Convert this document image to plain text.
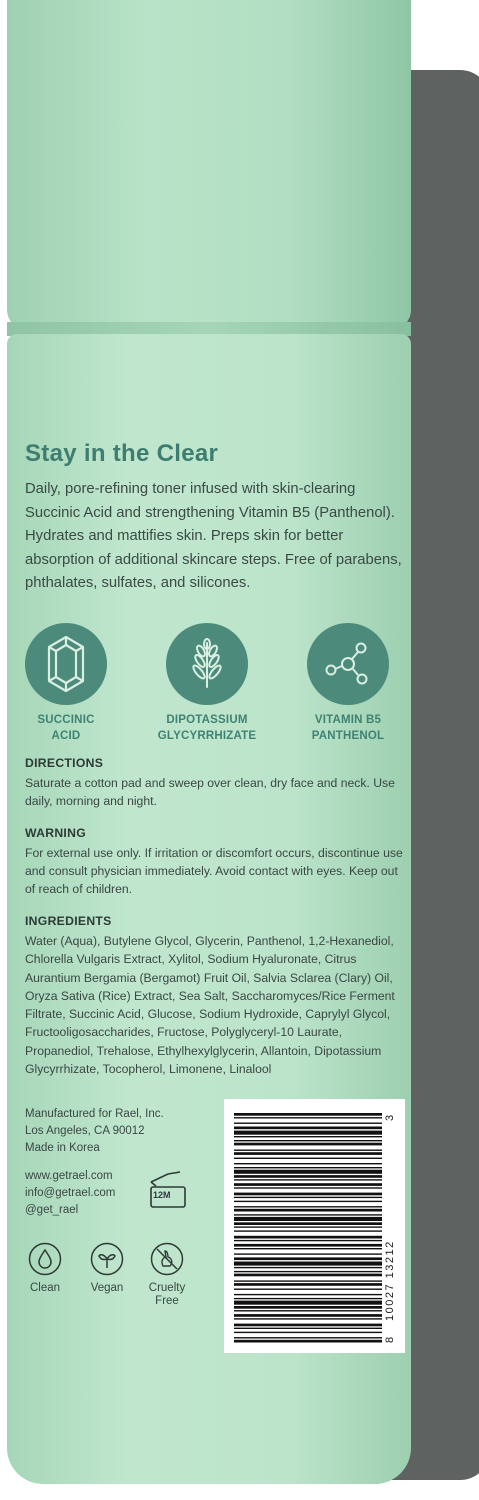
Stay in the Clear
Daily, pore-refining toner infused with skin-clearing Succinic Acid and strengthening Vitamin B5 (Panthenol). Hydrates and mattifies skin. Preps skin for better absorption of additional skincare steps. Free of parabens, phthalates, sulfates, and silicones.
SUCCINIC
ACID
DIPOTASSIUM
GLYCYRRHIZATE
VITAMIN B5
PANTHENOL
DIRECTIONS
Saturate a cotton pad and sweep over clean, dry face and neck. Use daily, morning and night.
WARNING
For external use only. If irritation or discomfort occurs, discontinue use and consult physician immediately. Avoid contact with eyes. Keep out of reach of children.
INGREDIENTS
Water (Aqua), Butylene Glycol, Glycerin, Panthenol, 1,2-Hexanediol, Chlorella Vulgaris Extract, Xylitol, Sodium Hyaluronate, Citrus Aurantium Bergamia (Bergamot) Fruit Oil, Salvia Sclarea (Clary) Oil, Oryza Sativa (Rice) Extract, Sea Salt, Saccharomyces/Rice Ferment Filtrate, Succinic Acid, Glucose, Sodium Hydroxide, Caprylyl Glycol, Fructooligosaccharides, Fructose, Polyglyceryl-10 Laurate, Propanediol, Trehalose, Ethylhexylglycerin, Allantoin, Dipotassium Glycyrrhizate, Tocopherol, Limonene, Linalool
Manufactured for Rael, Inc.
Los Angeles, CA 90012
Made in Korea
www.getrael.com
info@getrael.com
@get_rael
12M
Clean	Vegan	Cruelty Free
8
10027 13212
3
